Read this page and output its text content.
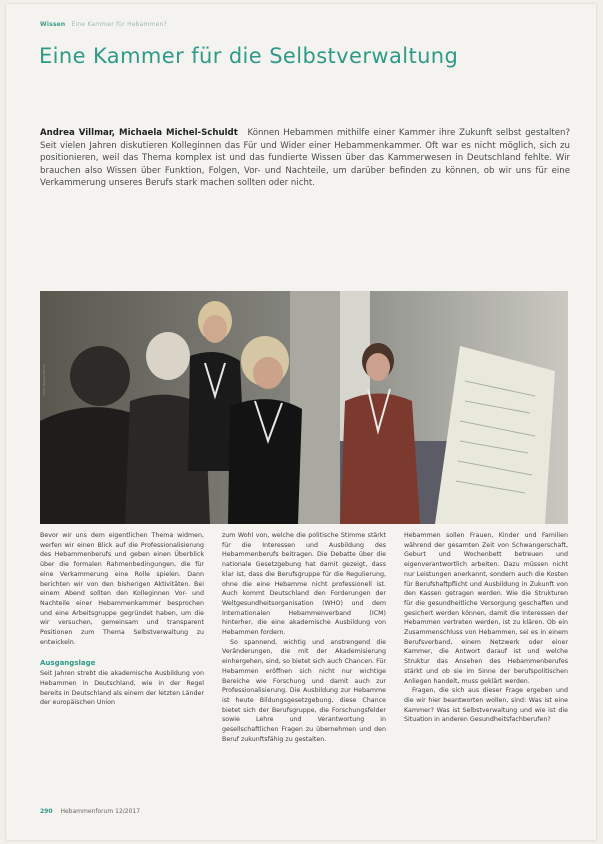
Wissen Eine Kammer für Hebammen?
Eine Kammer für die Selbstverwaltung
Andrea Villmar, Michaela Michel-Schuldt Können Hebammen mithilfe einer Kammer ihre Zukunft selbst gestalten? Seit vielen Jahren diskutieren Kolleginnen das Für und Wider einer Hebammenkammer. Oft war es nicht möglich, sich zu positionieren, weil das Thema komplex ist und das fundierte Wissen über das Kammerwesen in Deutschland fehlte. Wir brauchen also Wissen über Funktion, Folgen, Vor- und Nachteile, um darüber befinden zu können, ob wir uns für eine Verkammerung unseres Berufs stark machen sollten oder nicht.
Foto: Andrea Villmar

Bevor wir uns dem eigentlichen Thema widmen, werfen wir einen Blick auf die Professionalisierung des Hebammenberufs und geben einen Überblick über die formalen Rahmenbedingungen, die für eine Verkammerung eine Rolle spielen. Dann berichten wir von den bisherigen Aktivitäten. Bei einem Abend sollten den Kolleginnen Vor- und Nachteile einer Hebammenkammer besprochen und eine Arbeitsgruppe gegründet haben, um die wir versuchen, gemeinsam und transparent Positionen zum Thema Selbstverwaltung zu entwickeln.

Ausgangslage

Seit Jahren strebt die akademische Ausbildung von Hebammen in Deutschland, wie in der Regel bereits in Deutschland als einem der letzten Länder der europäischen Union

zum Wohl von, welche die politische Stimme stärkt für die Interessen und Ausbildung des Hebammenberufs beitragen. Die Debatte über die nationale Gesetzgebung hat damit gezeigt, dass klar ist, dass die Berufsgruppe für die Regulierung, ohne die eine Hebamme nicht professionell ist. Auch kommt Deutschland den Forderungen der Weltgesundheitsorganisation (WHO) und dem Internationalen Hebammenverband (ICM) hinterher, die eine akademische Ausbildung von Hebammen fordern.

So spannend, wichtig und anstrengend die Veränderungen, die mit der Akademisierung einhergehen, sind, so bietet sich auch Chancen. Für Hebammen eröffnen sich nicht nur wichtige Bereiche wie Forschung und damit auch zur Professionalisierung. Die Ausbildung zur Hebamme ist heute Bildungsgesetzgebung, diese Chance bietet sich der Berufsgruppe, die Forschungsfelder sowie Lehre und Verantwortung in gesellschaftlichen Fragen zu übernehmen und den Beruf zukunftsfähig zu gestalten.

Hebammen sollen Frauen, Kinder und Familien während der gesamten Zeit von Schwangerschaft, Geburt und Wochenbett betreuen und eigenverantwortlich arbeiten. Dazu müssen nicht nur Leistungen anerkannt, sondern auch die Kosten für Berufshaftpflicht und Ausbildung in Zukunft von den Kassen getragen werden. Wie die Strukturen für die gesundheitliche Versorgung geschaffen und gesichert werden können, damit die Interessen der Hebammen vertreten werden, ist zu klären. Ob ein Zusammenschluss von Hebammen, sei es in einem Berufsverband, einem Netzwerk oder einer Kammer, die Antwort darauf ist und welche Struktur das Ansehen des Hebammenberufes stärkt und ob sie im Sinne der berufspolitischen Anliegen handelt, muss geklärt werden.

Fragen, die sich aus dieser Frage ergeben und die wir hier beantworten wollen, sind: Was ist eine Kammer? Was ist Selbstverwaltung und wie ist die Situation in anderen Gesundheitsfachberufen?

290 Hebammenforum 12/2017
